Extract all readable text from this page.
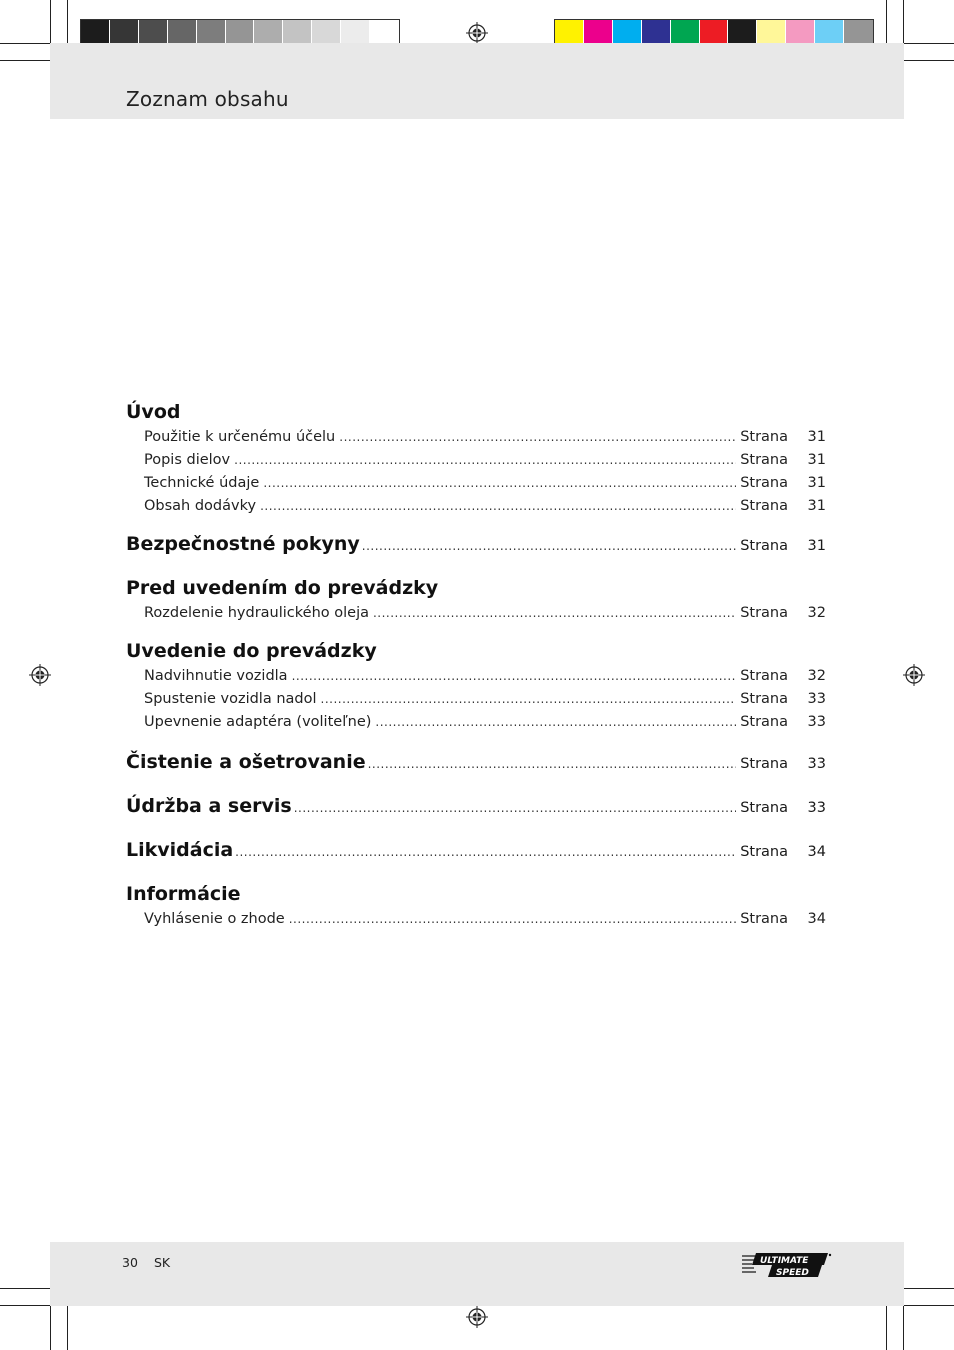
Zoznam obsahu
Úvod
Použitie k určenému účelu .....	Strana	31
Popis dielov .....	Strana	31
Technické údaje .....	Strana	31
Obsah dodávky .....	Strana	31
Bezpečnostné pokyny .....	Strana	31
Pred uvedením do prevádzky
Rozdelenie hydraulického oleja .....	Strana	32
Uvedenie do prevádzky
Nadvihnutie vozidla .....	Strana	32
Spustenie vozidla nadol .....	Strana	33
Upevnenie adaptéra (voliteľne) .....	Strana	33
Čistenie a ošetrovanie .....	Strana	33
Údržba a servis .....	Strana	33
Likvidácia .....	Strana	34
Informácie
Vyhlásenie o zhode .....	Strana	34
30 SK	ULTIMATE
SPEED
